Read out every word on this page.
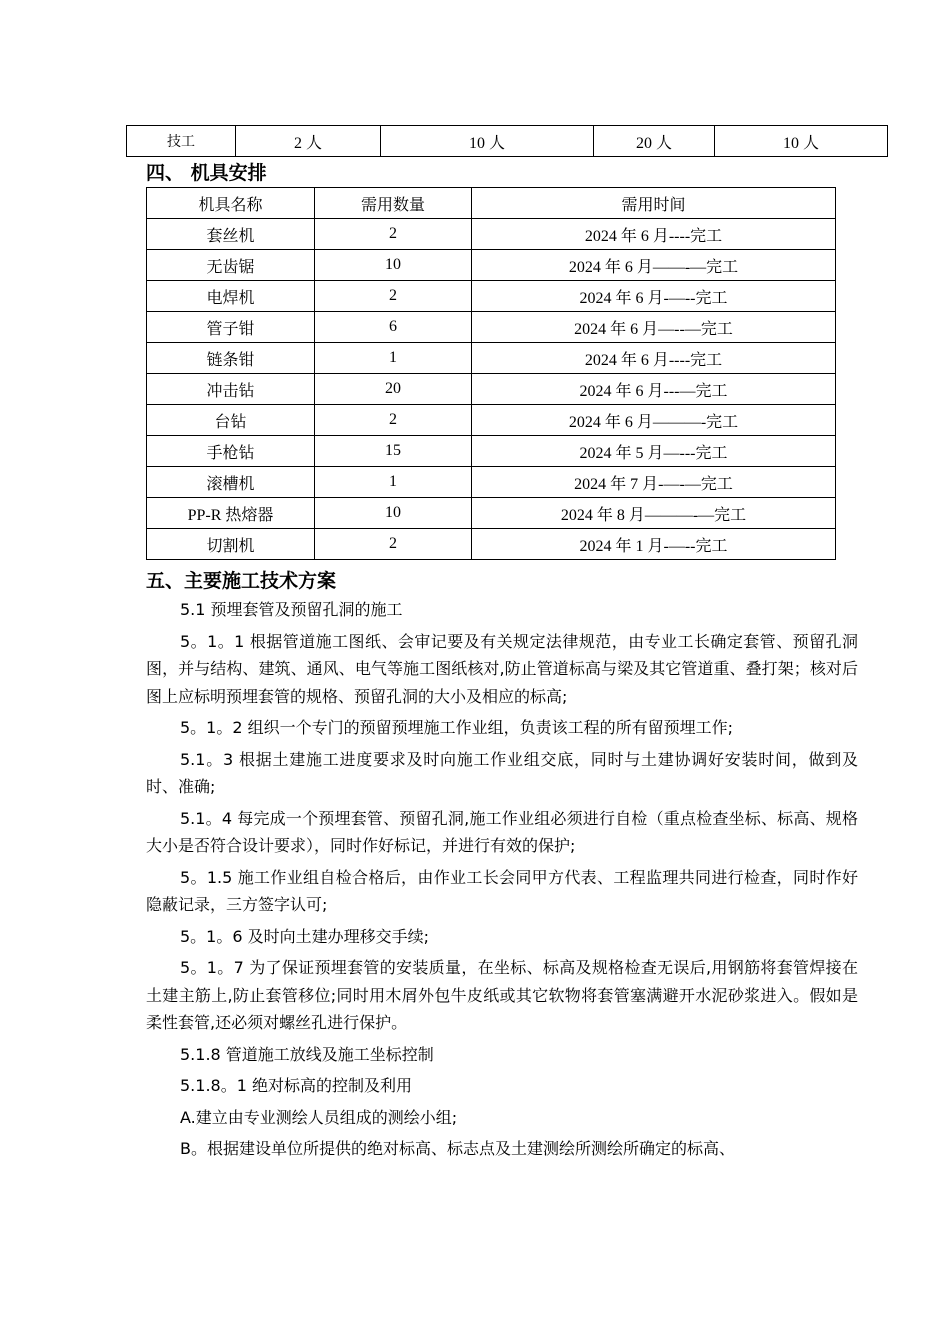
技工	2 人	10 人	20 人	10 人
四、 机具安排
机具名称	需用数量	需用时间
套丝机	2	2024 年 6 月----完工
无齿锯	10	2024 年 6 月——-—完工
电焊机	2	2024 年 6 月-—--完工
管子钳	6	2024 年 6 月—--—完工
链条钳	1	2024 年 6 月----完工
冲击钻	20	2024 年 6 月---—完工
台钻	2	2024 年 6 月———-完工
手枪钻	15	2024 年 5 月—---完工
滚槽机	1	2024 年 7 月-—-—完工
PP-R 热熔器	10	2024 年 8 月———-—完工
切割机	2	2024 年 1 月-—--完工
五、主要施工技术方案

5.1 预埋套管及预留孔洞的施工

5。1。1 根据管道施工图纸、会审记要及有关规定法律规范，由专业工长确定套管、预留孔洞图，并与结构、建筑、通风、电气等施工图纸核对,防止管道标高与梁及其它管道重、叠打架；核对后图上应标明预埋套管的规格、预留孔洞的大小及相应的标高;

5。1。2 组织一个专门的预留预埋施工作业组，负责该工程的所有留预埋工作;

5.1。3 根据土建施工进度要求及时向施工作业组交底，同时与土建协调好安装时间，做到及时、准确;

5.1。4 每完成一个预埋套管、预留孔洞,施工作业组必须进行自检（重点检查坐标、标高、规格大小是否符合设计要求），同时作好标记，并进行有效的保护;

5。1.5 施工作业组自检合格后，由作业工长会同甲方代表、工程监理共同进行检查，同时作好隐蔽记录，三方签字认可;

5。1。6 及时向土建办理移交手续;

5。1。7 为了保证预埋套管的安装质量，在坐标、标高及规格检查无误后,用钢筋将套管焊接在土建主筋上,防止套管移位;同时用木屑外包牛皮纸或其它软物将套管塞满避开水泥砂浆进入。假如是柔性套管,还必须对螺丝孔进行保护。

5.1.8 管道施工放线及施工坐标控制

5.1.8。1 绝对标高的控制及利用

A.建立由专业测绘人员组成的测绘小组;

B。根据建设单位所提供的绝对标高、标志点及土建测绘所测绘所确定的标高、
